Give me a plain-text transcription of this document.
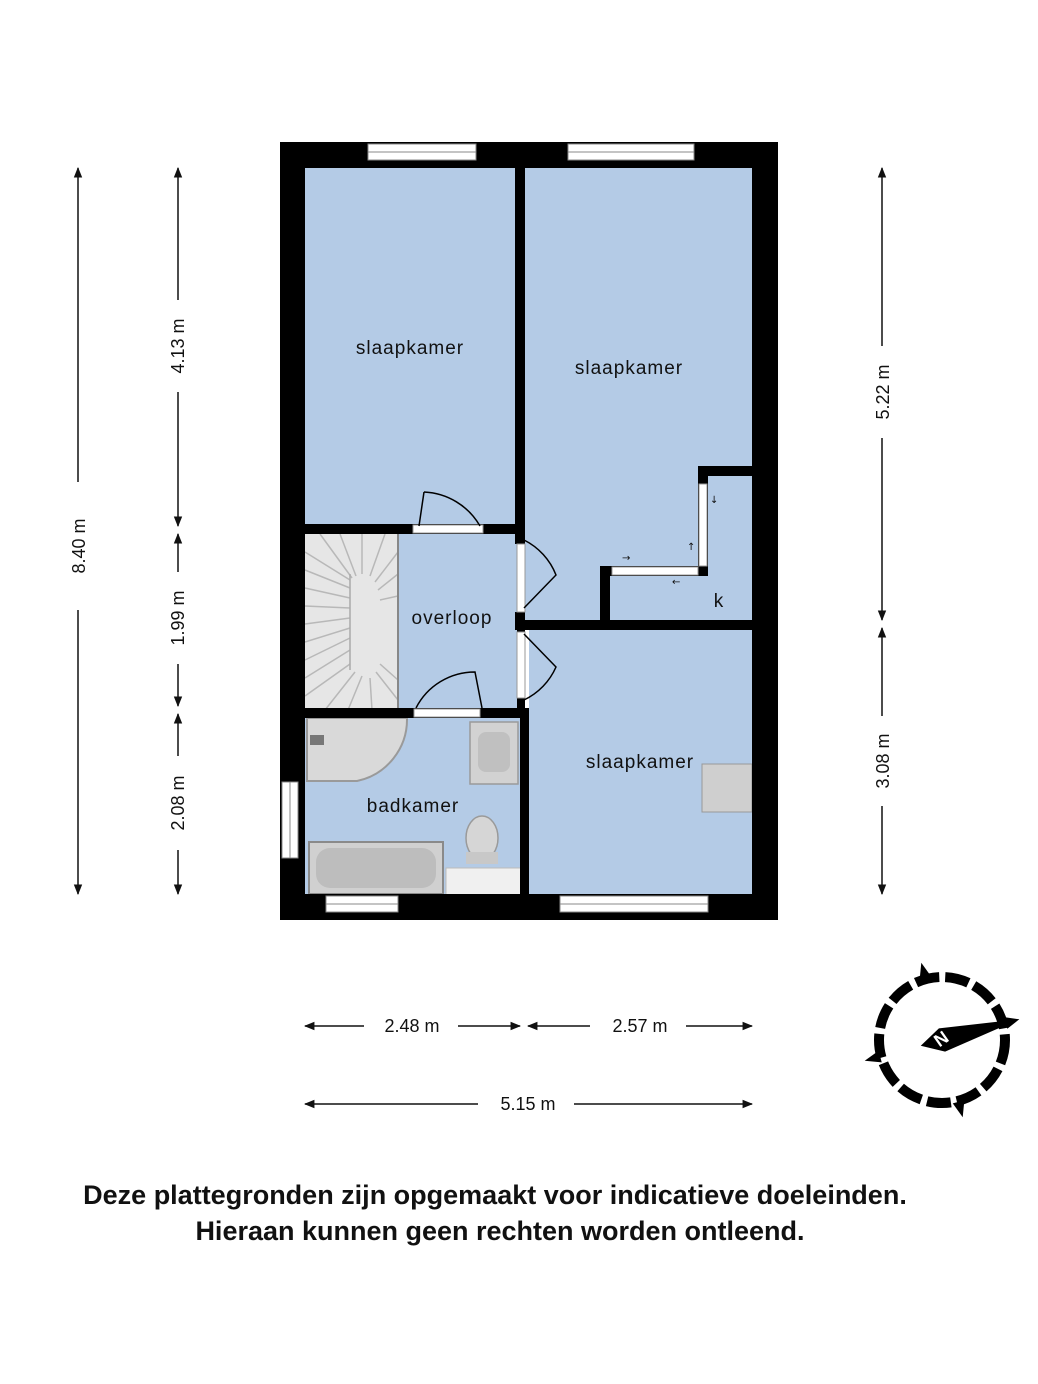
↓
↑
→
←
slaapkamer
slaapkamer
overloop
badkamer
slaapkamer
k
8.40 m
4.13 m
1.99 m
2.08 m
5.22 m
3.08 m
2.48 m	2.57 m
5.15 m
N
Deze plattegronden zijn opgemaakt voor indicatieve doeleinden.
Hieraan kunnen geen rechten worden ontleend.
